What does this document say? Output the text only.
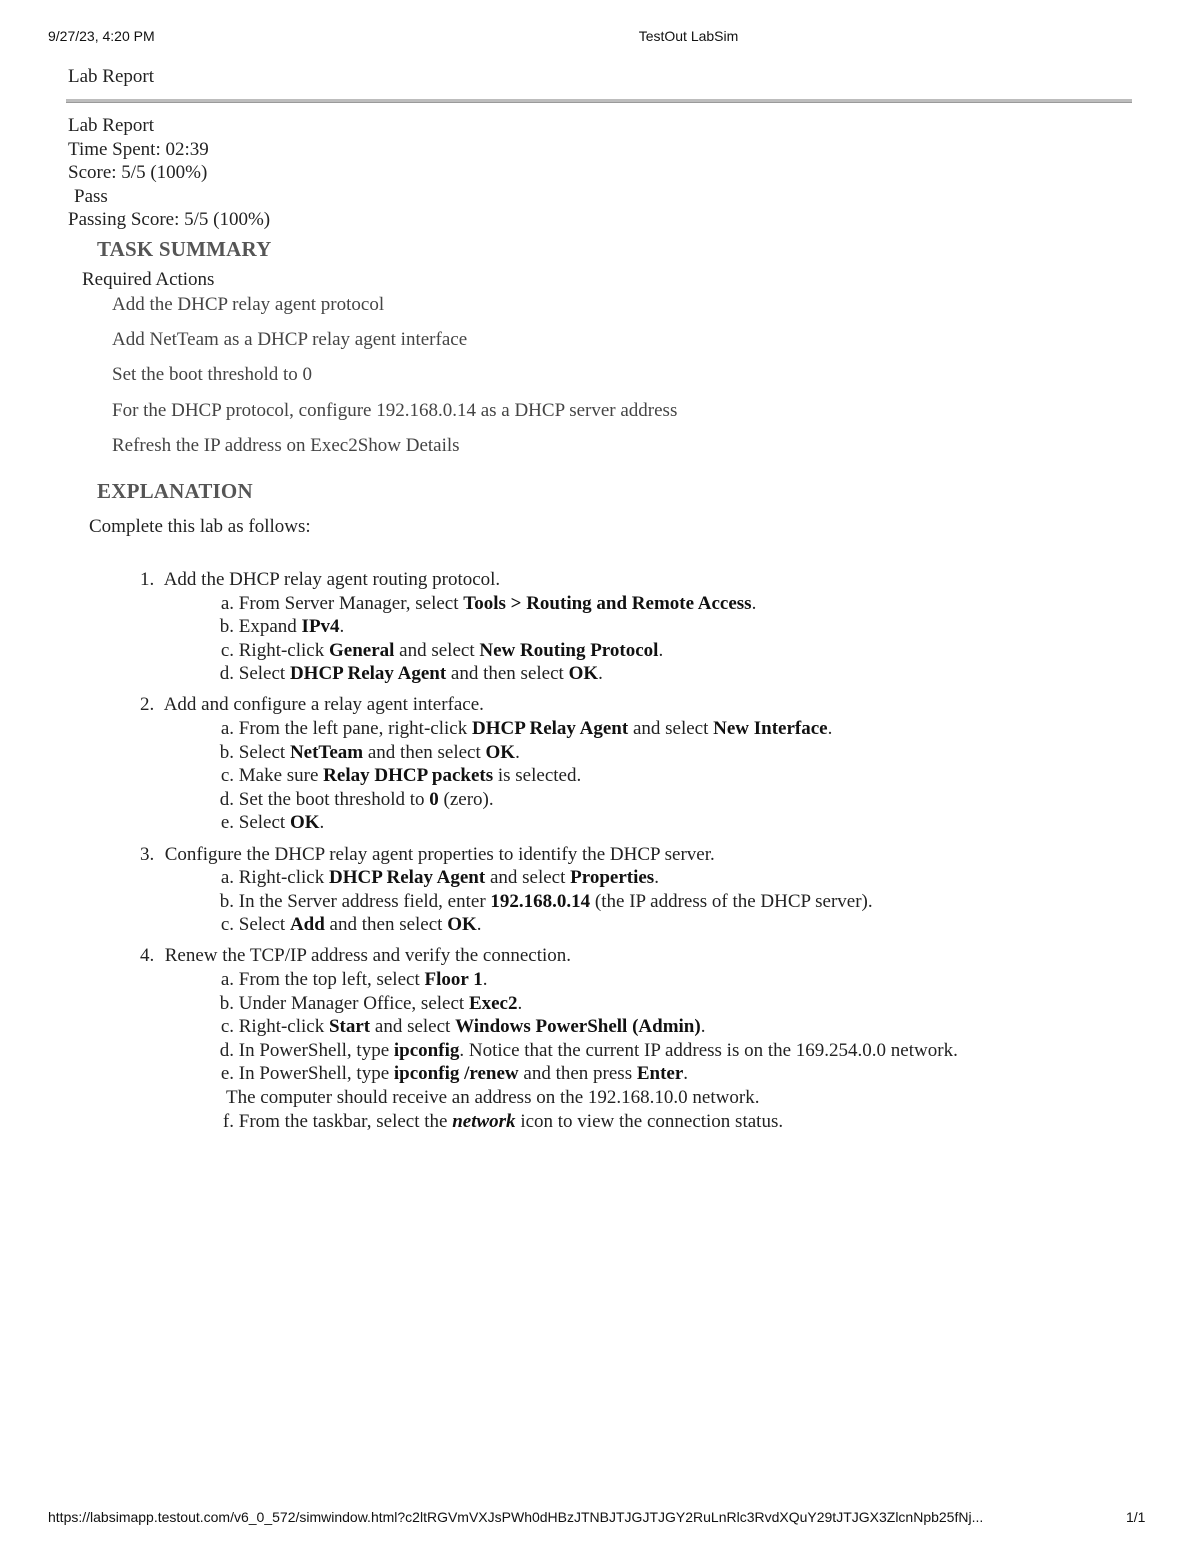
9/27/23, 4:20 PM	TestOut LabSim
Lab Report
Lab Report
Time Spent: 02:39
Score: 5/5 (100%)
Pass
Passing Score: 5/5 (100%)
TASK SUMMARY
Required Actions
Add the DHCP relay agent protocol
Add NetTeam as a DHCP relay agent interface
Set the boot threshold to 0
For the DHCP protocol, configure 192.168.0.14 as a DHCP server address
Refresh the IP address on Exec2Show Details
EXPLANATION
Complete this lab as follows:
1. Add the DHCP relay agent routing protocol.
a. From Server Manager, select Tools > Routing and Remote Access.
b. Expand IPv4.
c. Right-click General and select New Routing Protocol.
d. Select DHCP Relay Agent and then select OK.
2. Add and configure a relay agent interface.
a. From the left pane, right-click DHCP Relay Agent and select New Interface.
b. Select NetTeam and then select OK.
c. Make sure Relay DHCP packets is selected.
d. Set the boot threshold to 0 (zero).
e. Select OK.
3. Configure the DHCP relay agent properties to identify the DHCP server.
a. Right-click DHCP Relay Agent and select Properties.
b. In the Server address field, enter 192.168.0.14 (the IP address of the DHCP server).
c. Select Add and then select OK.
4. Renew the TCP/IP address and verify the connection.
a. From the top left, select Floor 1.
b. Under Manager Office, select Exec2.
c. Right-click Start and select Windows PowerShell (Admin).
d. In PowerShell, type ipconfig. Notice that the current IP address is on the 169.254.0.0 network.
e. In PowerShell, type ipconfig /renew and then press Enter.
The computer should receive an address on the 192.168.10.0 network.
f. From the taskbar, select the network icon to view the connection status.
https://labsimapp.testout.com/v6_0_572/simwindow.html?c2ltRGVmVXJsPWh0dHBzJTNBJTJGJTJGY2RuLnRlc3RvdXQuY29tJTJGX3ZlcnNpb25fNj...	1/1
